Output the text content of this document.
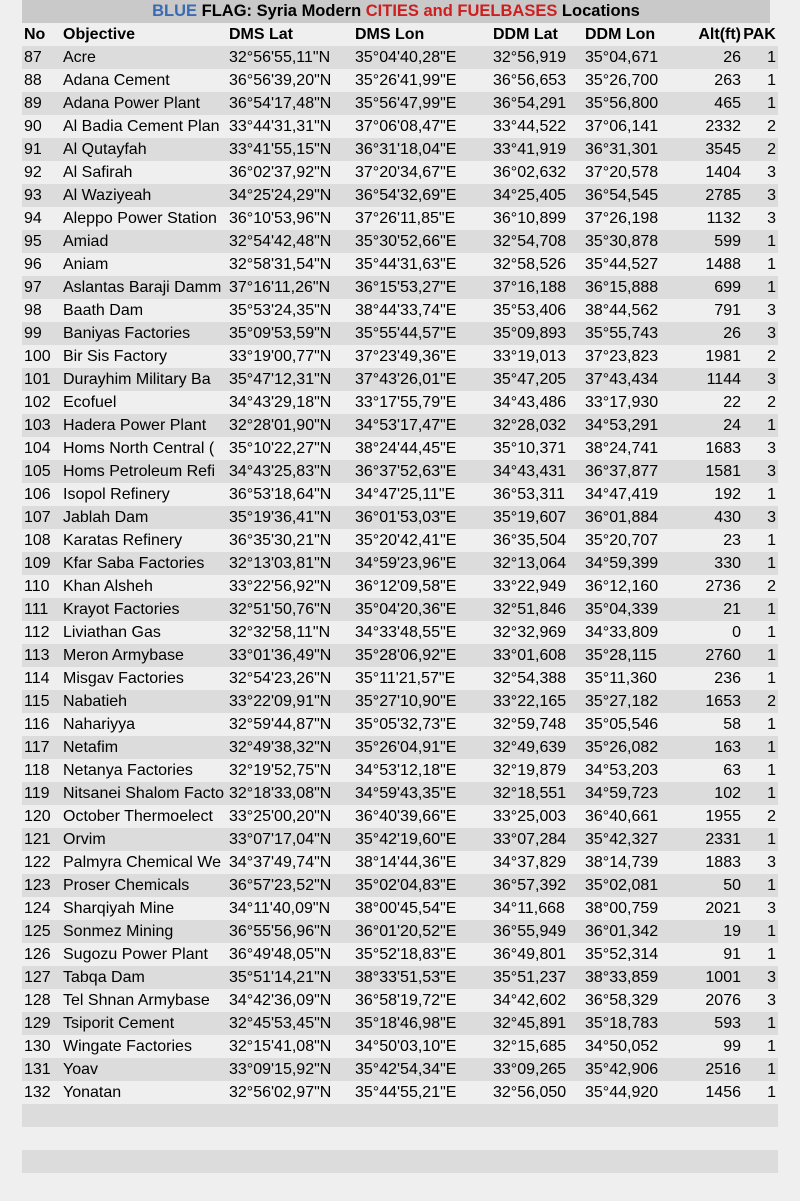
BLUE FLAG: Syria Modern CITIES and FUELBASES Locations
No	Objective	DMS Lat	DMS Lon	DDM Lat	DDM Lon	Alt(ft)	PAK
87	Acre	32°56'55,11"N	35°04'40,28"E	32°56,919	35°04,671	26	1
88	Adana Cement	36°56'39,20"N	35°26'41,99"E	36°56,653	35°26,700	263	1
89	Adana Power Plant	36°54'17,48"N	35°56'47,99"E	36°54,291	35°56,800	465	1
90	Al Badia Cement Plan	33°44'31,31"N	37°06'08,47"E	33°44,522	37°06,141	2332	2
91	Al Qutayfah	33°41'55,15"N	36°31'18,04"E	33°41,919	36°31,301	3545	2
92	Al Safirah	36°02'37,92"N	37°20'34,67"E	36°02,632	37°20,578	1404	3
93	Al Waziyeah	34°25'24,29"N	36°54'32,69"E	34°25,405	36°54,545	2785	3
94	Aleppo Power Station	36°10'53,96"N	37°26'11,85"E	36°10,899	37°26,198	1132	3
95	Amiad	32°54'42,48"N	35°30'52,66"E	32°54,708	35°30,878	599	1
96	Aniam	32°58'31,54"N	35°44'31,63"E	32°58,526	35°44,527	1488	1
97	Aslantas Baraji Damm	37°16'11,26"N	36°15'53,27"E	37°16,188	36°15,888	699	1
98	Baath Dam	35°53'24,35"N	38°44'33,74"E	35°53,406	38°44,562	791	3
99	Baniyas Factories	35°09'53,59"N	35°55'44,57"E	35°09,893	35°55,743	26	3
100	Bir Sis Factory	33°19'00,77"N	37°23'49,36"E	33°19,013	37°23,823	1981	2
101	Durayhim Military Ba	35°47'12,31"N	37°43'26,01"E	35°47,205	37°43,434	1144	3
102	Ecofuel	34°43'29,18"N	33°17'55,79"E	34°43,486	33°17,930	22	2
103	Hadera Power Plant	32°28'01,90"N	34°53'17,47"E	32°28,032	34°53,291	24	1
104	Homs North Central (	35°10'22,27"N	38°24'44,45"E	35°10,371	38°24,741	1683	3
105	Homs Petroleum Refi	34°43'25,83"N	36°37'52,63"E	34°43,431	36°37,877	1581	3
106	Isopol Refinery	36°53'18,64"N	34°47'25,11"E	36°53,311	34°47,419	192	1
107	Jablah Dam	35°19'36,41"N	36°01'53,03"E	35°19,607	36°01,884	430	3
108	Karatas Refinery	36°35'30,21"N	35°20'42,41"E	36°35,504	35°20,707	23	1
109	Kfar Saba Factories	32°13'03,81"N	34°59'23,96"E	32°13,064	34°59,399	330	1
110	Khan Alsheh	33°22'56,92"N	36°12'09,58"E	33°22,949	36°12,160	2736	2
111	Krayot Factories	32°51'50,76"N	35°04'20,36"E	32°51,846	35°04,339	21	1
112	Liviathan Gas	32°32'58,11"N	34°33'48,55"E	32°32,969	34°33,809	0	1
113	Meron Armybase	33°01'36,49"N	35°28'06,92"E	33°01,608	35°28,115	2760	1
114	Misgav Factories	32°54'23,26"N	35°11'21,57"E	32°54,388	35°11,360	236	1
115	Nabatieh	33°22'09,91"N	35°27'10,90"E	33°22,165	35°27,182	1653	2
116	Nahariyya	32°59'44,87"N	35°05'32,73"E	32°59,748	35°05,546	58	1
117	Netafim	32°49'38,32"N	35°26'04,91"E	32°49,639	35°26,082	163	1
118	Netanya Factories	32°19'52,75"N	34°53'12,18"E	32°19,879	34°53,203	63	1
119	Nitsanei Shalom Facto	32°18'33,08"N	34°59'43,35"E	32°18,551	34°59,723	102	1
120	October Thermoelect	33°25'00,20"N	36°40'39,66"E	33°25,003	36°40,661	1955	2
121	Orvim	33°07'17,04"N	35°42'19,60"E	33°07,284	35°42,327	2331	1
122	Palmyra Chemical We	34°37'49,74"N	38°14'44,36"E	34°37,829	38°14,739	1883	3
123	Proser Chemicals	36°57'23,52"N	35°02'04,83"E	36°57,392	35°02,081	50	1
124	Sharqiyah Mine	34°11'40,09"N	38°00'45,54"E	34°11,668	38°00,759	2021	3
125	Sonmez Mining	36°55'56,96"N	36°01'20,52"E	36°55,949	36°01,342	19	1
126	Sugozu Power Plant	36°49'48,05"N	35°52'18,83"E	36°49,801	35°52,314	91	1
127	Tabqa Dam	35°51'14,21"N	38°33'51,53"E	35°51,237	38°33,859	1001	3
128	Tel Shnan Armybase	34°42'36,09"N	36°58'19,72"E	34°42,602	36°58,329	2076	3
129	Tsiporit Cement	32°45'53,45"N	35°18'46,98"E	32°45,891	35°18,783	593	1
130	Wingate Factories	32°15'41,08"N	34°50'03,10"E	32°15,685	34°50,052	99	1
131	Yoav	33°09'15,92"N	35°42'54,34"E	33°09,265	35°42,906	2516	1
132	Yonatan	32°56'02,97"N	35°44'55,21"E	32°56,050	35°44,920	1456	1
